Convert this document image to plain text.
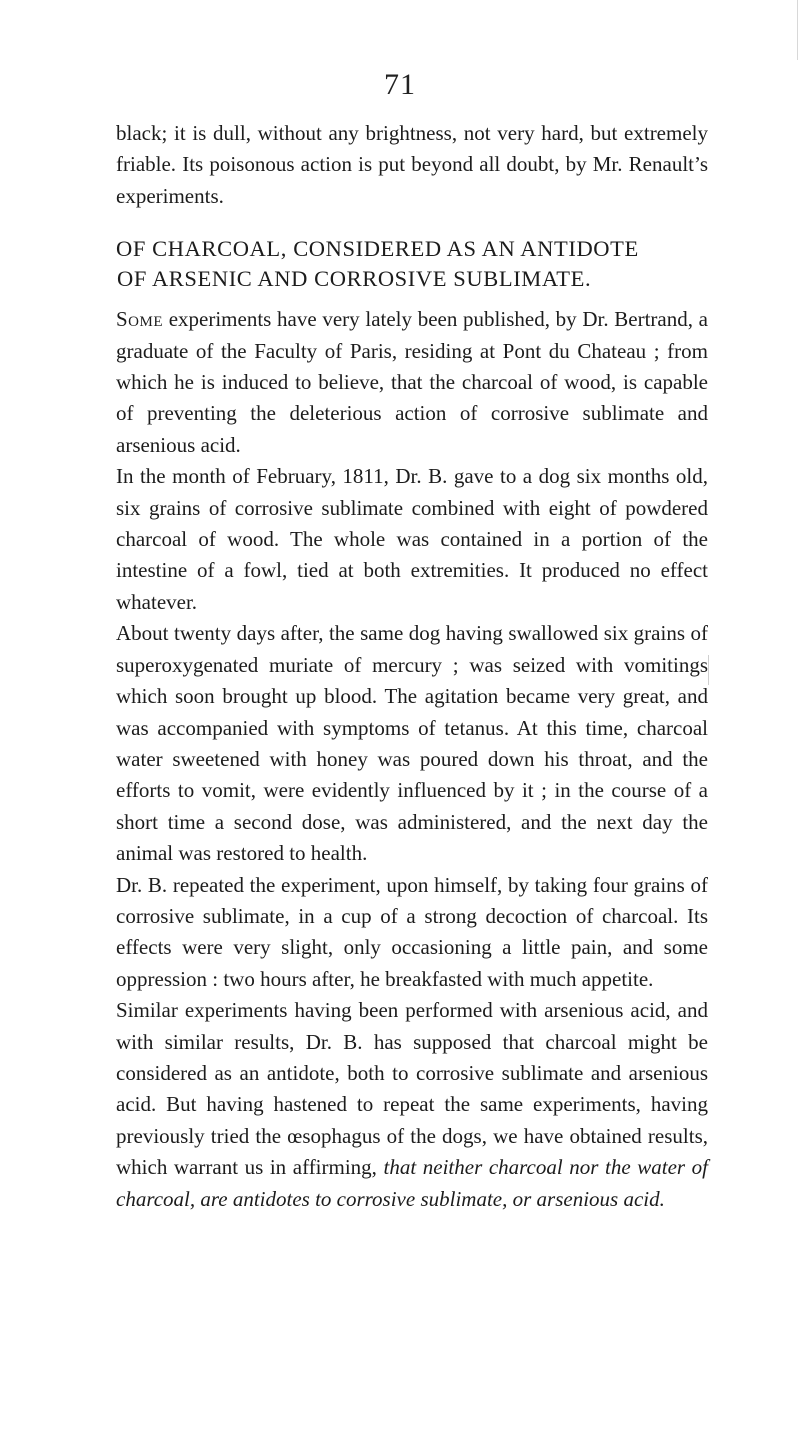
71

black; it is dull, without any brightness, not very hard, but extremely friable. Its poisonous action is put beyond all doubt, by Mr. Renault’s experiments.

OF CHARCOAL, CONSIDERED AS AN ANTIDOTE
OF ARSENIC AND CORROSIVE SUBLIMATE.

Some experiments have very lately been published, by Dr. Bertrand, a graduate of the Faculty of Paris, residing at Pont du Chateau ; from which he is induced to believe, that the charcoal of wood, is capable of preventing the deleterious action of corrosive sublimate and arsenious acid.

In the month of February, 1811, Dr. B. gave to a dog six months old, six grains of corrosive sublimate combined with eight of powdered charcoal of wood. The whole was contained in a portion of the intestine of a fowl, tied at both extremities. It produced no effect whatever.

About twenty days after, the same dog having swallowed six grains of superoxygenated muriate of mercury ; was seized with vomitings which soon brought up blood. The agitation became very great, and was accompanied with symptoms of tetanus. At this time, charcoal water sweetened with honey was poured down his throat, and the efforts to vomit, were evidently influenced by it ; in the course of a short time a second dose, was administered, and the next day the animal was restored to health.

Dr. B. repeated the experiment, upon himself, by taking four grains of corrosive sublimate, in a cup of a strong decoction of charcoal. Its effects were very slight, only occasioning a little pain, and some oppression : two hours after, he breakfasted with much appetite.

Similar experiments having been performed with arsenious acid, and with similar results, Dr. B. has supposed that charcoal might be considered as an antidote, both to corrosive sublimate and arsenious acid. But having hastened to repeat the same experiments, having previously tried the œsophagus of the dogs, we have obtained results, which warrant us in affirming, that neither charcoal nor the water of charcoal, are antidotes to corrosive sublimate, or arsenious acid.
